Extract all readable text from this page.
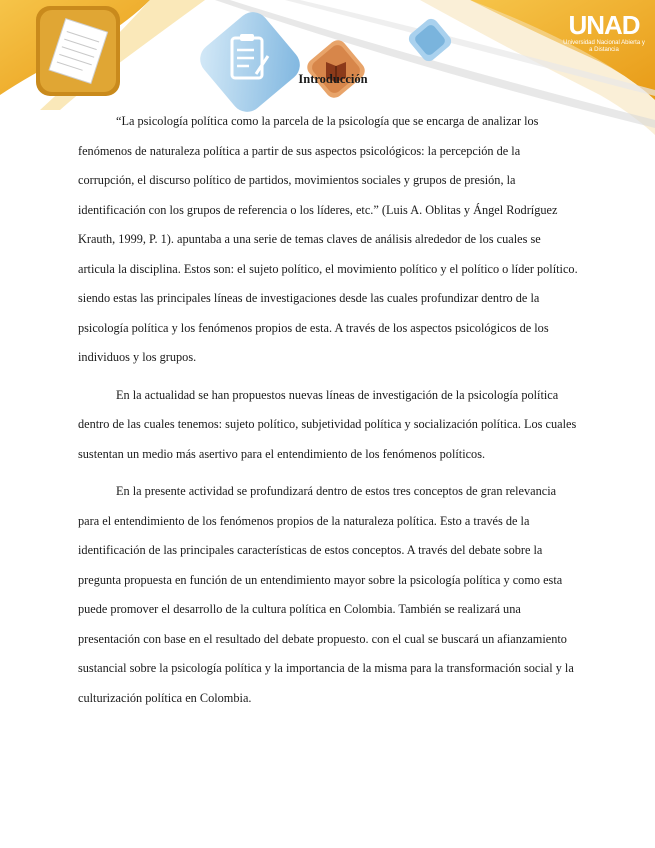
UNAD
Universidad Nacional Abierta y a Distancia
Introducción

“La psicología política como la parcela de la psicología que se encarga de analizar los fenómenos de naturaleza política a partir de sus aspectos psicológicos: la percepción de la corrupción, el discurso político de partidos, movimientos sociales y grupos de presión, la identificación con los grupos de referencia o los líderes, etc.” (Luis A. Oblitas y Ángel Rodríguez Krauth, 1999, P. 1). apuntaba a una serie de temas claves de análisis alrededor de los cuales se articula la disciplina. Estos son: el sujeto político, el movimiento político y el político o líder político. siendo estas las principales líneas de investigaciones desde las cuales profundizar dentro de la psicología política y los fenómenos propios de esta. A través de los aspectos psicológicos de los individuos y los grupos.

En la actualidad se han propuestos nuevas líneas de investigación de la psicología política dentro de las cuales tenemos: sujeto político, subjetividad política y socialización política. Los cuales sustentan un medio más asertivo para el entendimiento de los fenómenos políticos.

En la presente actividad se profundizará dentro de estos tres conceptos de gran relevancia para el entendimiento de los fenómenos propios de la naturaleza política. Esto a través de la identificación de las principales características de estos conceptos. A través del debate sobre la pregunta propuesta en función de un entendimiento mayor sobre la psicología política y como esta puede promover el desarrollo de la cultura política en Colombia. También se realizará una presentación con base en el resultado del debate propuesto. con el cual se buscará un afianzamiento sustancial sobre la psicología política y la importancia de la misma para la transformación social y la culturización política en Colombia.
